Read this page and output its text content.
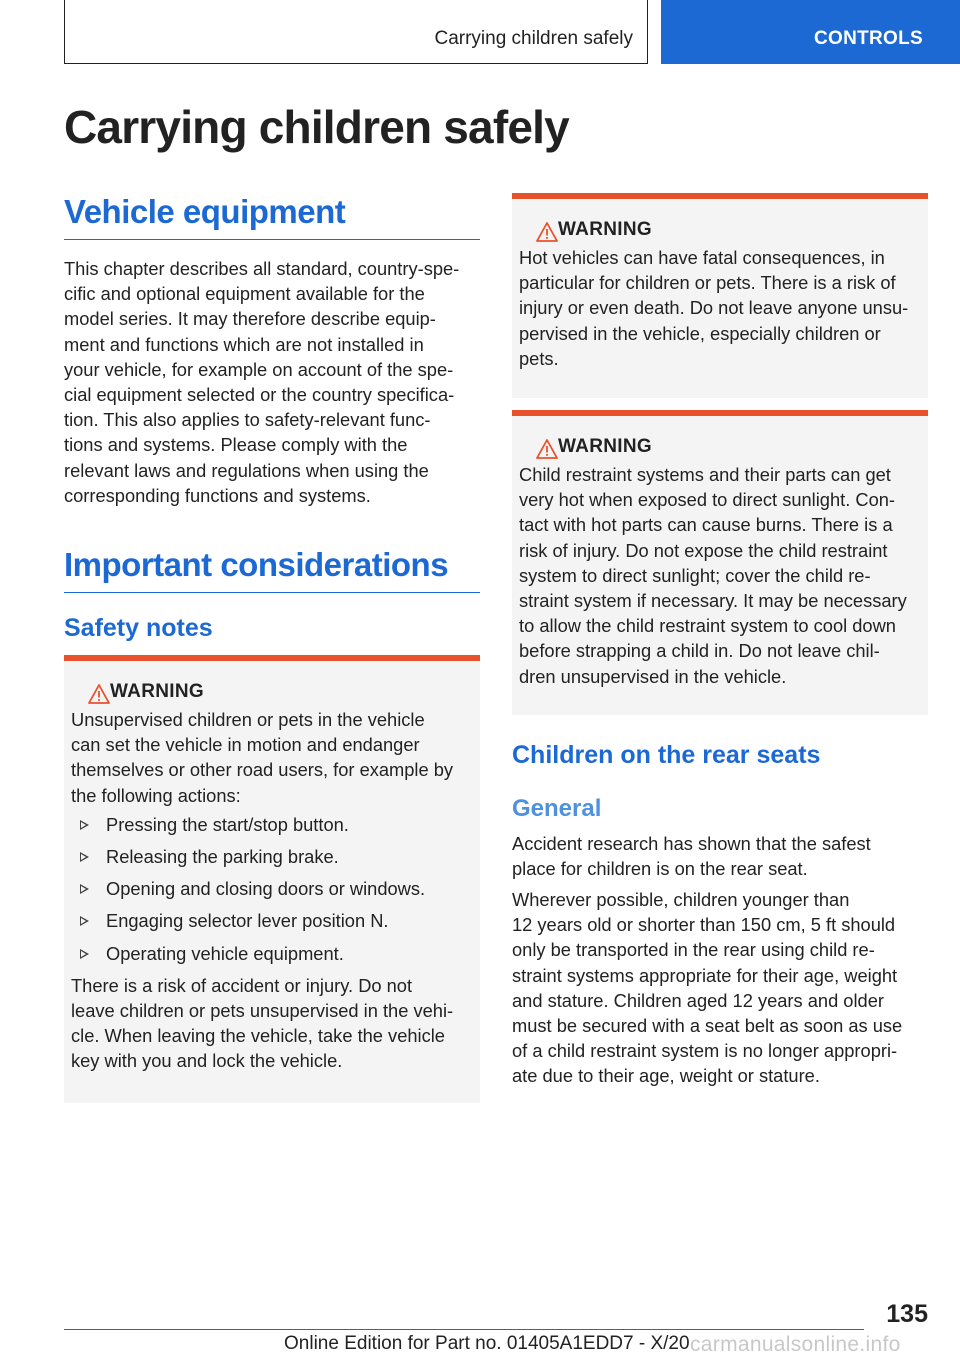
Carrying children safely	CONTROLS
Carrying children safely
Vehicle equipment

This chapter describes all standard, country-spe-
cific and optional equipment available for the
model series. It may therefore describe equip-
ment and functions which are not installed in
your vehicle, for example on account of the spe-
cial equipment selected or the country specifica-
tion. This also applies to safety-relevant func-
tions and systems. Please comply with the
relevant laws and regulations when using the
corresponding functions and systems.

Important considerations
Safety notes
WARNING
Unsupervised children or pets in the vehicle
can set the vehicle in motion and endanger
themselves or other road users, for example by
the following actions:
Pressing the start/stop button.
Releasing the parking brake.
Opening and closing doors or windows.
Engaging selector lever position N.
Operating vehicle equipment.
There is a risk of accident or injury. Do not
leave children or pets unsupervised in the vehi-
cle. When leaving the vehicle, take the vehicle
key with you and lock the vehicle.
WARNING
Hot vehicles can have fatal consequences, in
particular for children or pets. There is a risk of
injury or even death. Do not leave anyone unsu-
pervised in the vehicle, especially children or
pets.
WARNING
Child restraint systems and their parts can get
very hot when exposed to direct sunlight. Con-
tact with hot parts can cause burns. There is a
risk of injury. Do not expose the child restraint
system to direct sunlight; cover the child re-
straint system if necessary. It may be necessary
to allow the child restraint system to cool down
before strapping a child in. Do not leave chil-
dren unsupervised in the vehicle.
Children on the rear seats
General

Accident research has shown that the safest
place for children is on the rear seat.

Wherever possible, children younger than
12 years old or shorter than 150 cm, 5 ft should
only be transported in the rear using child re-
straint systems appropriate for their age, weight
and stature. Children aged 12 years and older
must be secured with a seat belt as soon as use
of a child restraint system is no longer appropri-
ate due to their age, weight or stature.

135
Online Edition for Part no. 01405A1EDD7 - X/20 carmanualsonline.info
